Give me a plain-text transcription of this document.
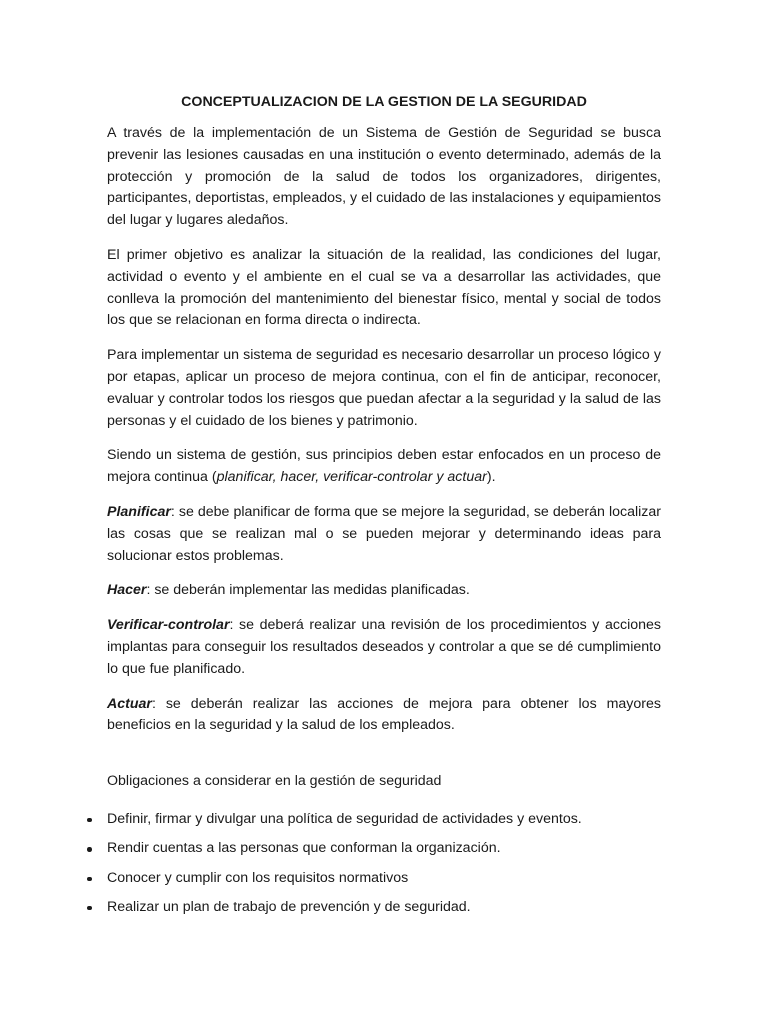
CONCEPTUALIZACION DE LA GESTION DE LA SEGURIDAD

A través de la implementación de un Sistema de Gestión de Seguridad se busca prevenir las lesiones causadas en una institución o evento determinado, además de la protección y promoción de la salud de todos los organizadores, dirigentes, participantes, deportistas, empleados, y el cuidado de las instalaciones y equipamientos del lugar y lugares aledaños.

El primer objetivo es analizar la situación de la realidad, las condiciones del lugar, actividad o evento y el ambiente en el cual se va a desarrollar las actividades, que conlleva la promoción del mantenimiento del bienestar físico, mental y social de todos los que se relacionan en forma directa o indirecta.

Para implementar un sistema de seguridad es necesario desarrollar un proceso lógico y por etapas, aplicar un proceso de mejora continua, con el fin de anticipar, reconocer, evaluar y controlar todos los riesgos que puedan afectar a la seguridad y la salud de las personas y el cuidado de los bienes y patrimonio.

Siendo un sistema de gestión, sus principios deben estar enfocados en un proceso de mejora continua (planificar, hacer, verificar-controlar y actuar).

Planificar: se debe planificar de forma que se mejore la seguridad, se deberán localizar las cosas que se realizan mal o se pueden mejorar y determinando ideas para solucionar estos problemas.

Hacer: se deberán implementar las medidas planificadas.

Verificar-controlar: se deberá realizar una revisión de los procedimientos y acciones implantas para conseguir los resultados deseados y controlar a que se dé cumplimiento lo que fue planificado.

Actuar: se deberán realizar las acciones de mejora para obtener los mayores beneficios en la seguridad y la salud de los empleados.

Obligaciones a considerar en la gestión de seguridad

Definir, firmar y divulgar una política de seguridad de actividades y eventos.
Rendir cuentas a las personas que conforman la organización.
Conocer y cumplir con los requisitos normativos
Realizar un plan de trabajo de prevención y de seguridad.
